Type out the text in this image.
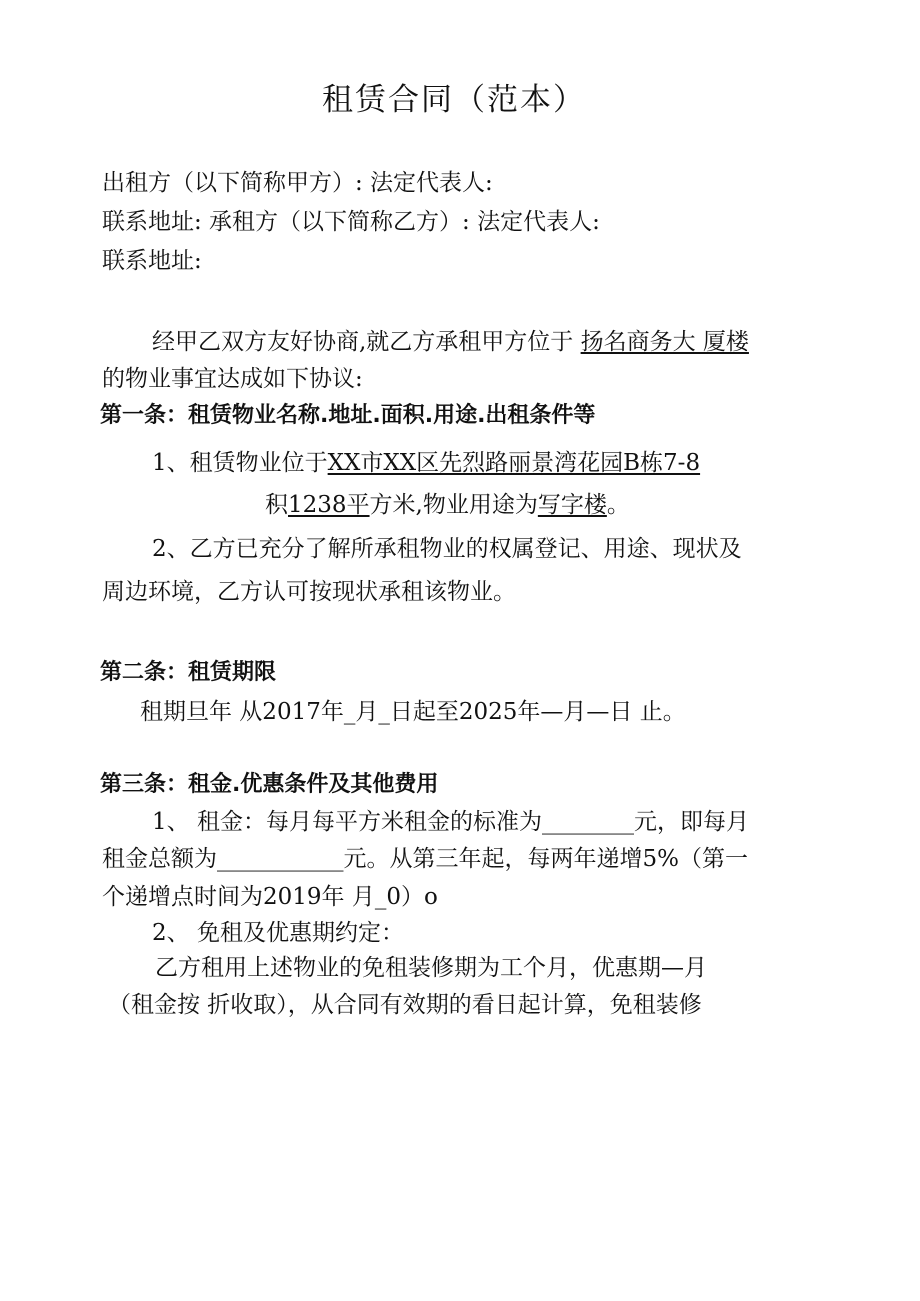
租赁合同（范本）
出租方（以下简称甲方）: 法定代表人:
联系地址: 承租方（以下简称乙方）: 法定代表人:
联系地址:
经甲乙双方友好协商,就乙方承租甲方位于 扬名商务大 厦楼
的物业事宜达成如下协议:
第一条：租赁物业名称.地址.面积.用途.出租条件等
1、租赁物业位于XX市XX区先烈路丽景湾花园B栋7-8
积1238平方米,物业用途为写字楼。
2、乙方已充分了解所承租物业的权属登记、用途、现状及
周边环境，乙方认可按现状承租该物业。
第二条：租赁期限
租期旦年 从2017年_月_日起至2025年—月—日 止。
第三条：租金.优惠条件及其他费用
1、 租金：每月每平方米租金的标准为________元，即每月
租金总额为___________元。从第三年起，每两年递增5%（第一
个递增点时间为2019年 月_0）o
2、 免租及优惠期约定：
乙方租用上述物业的免租装修期为工个月，优惠期—月
（租金按 折收取），从合同有效期的看日起计算，免租装修
